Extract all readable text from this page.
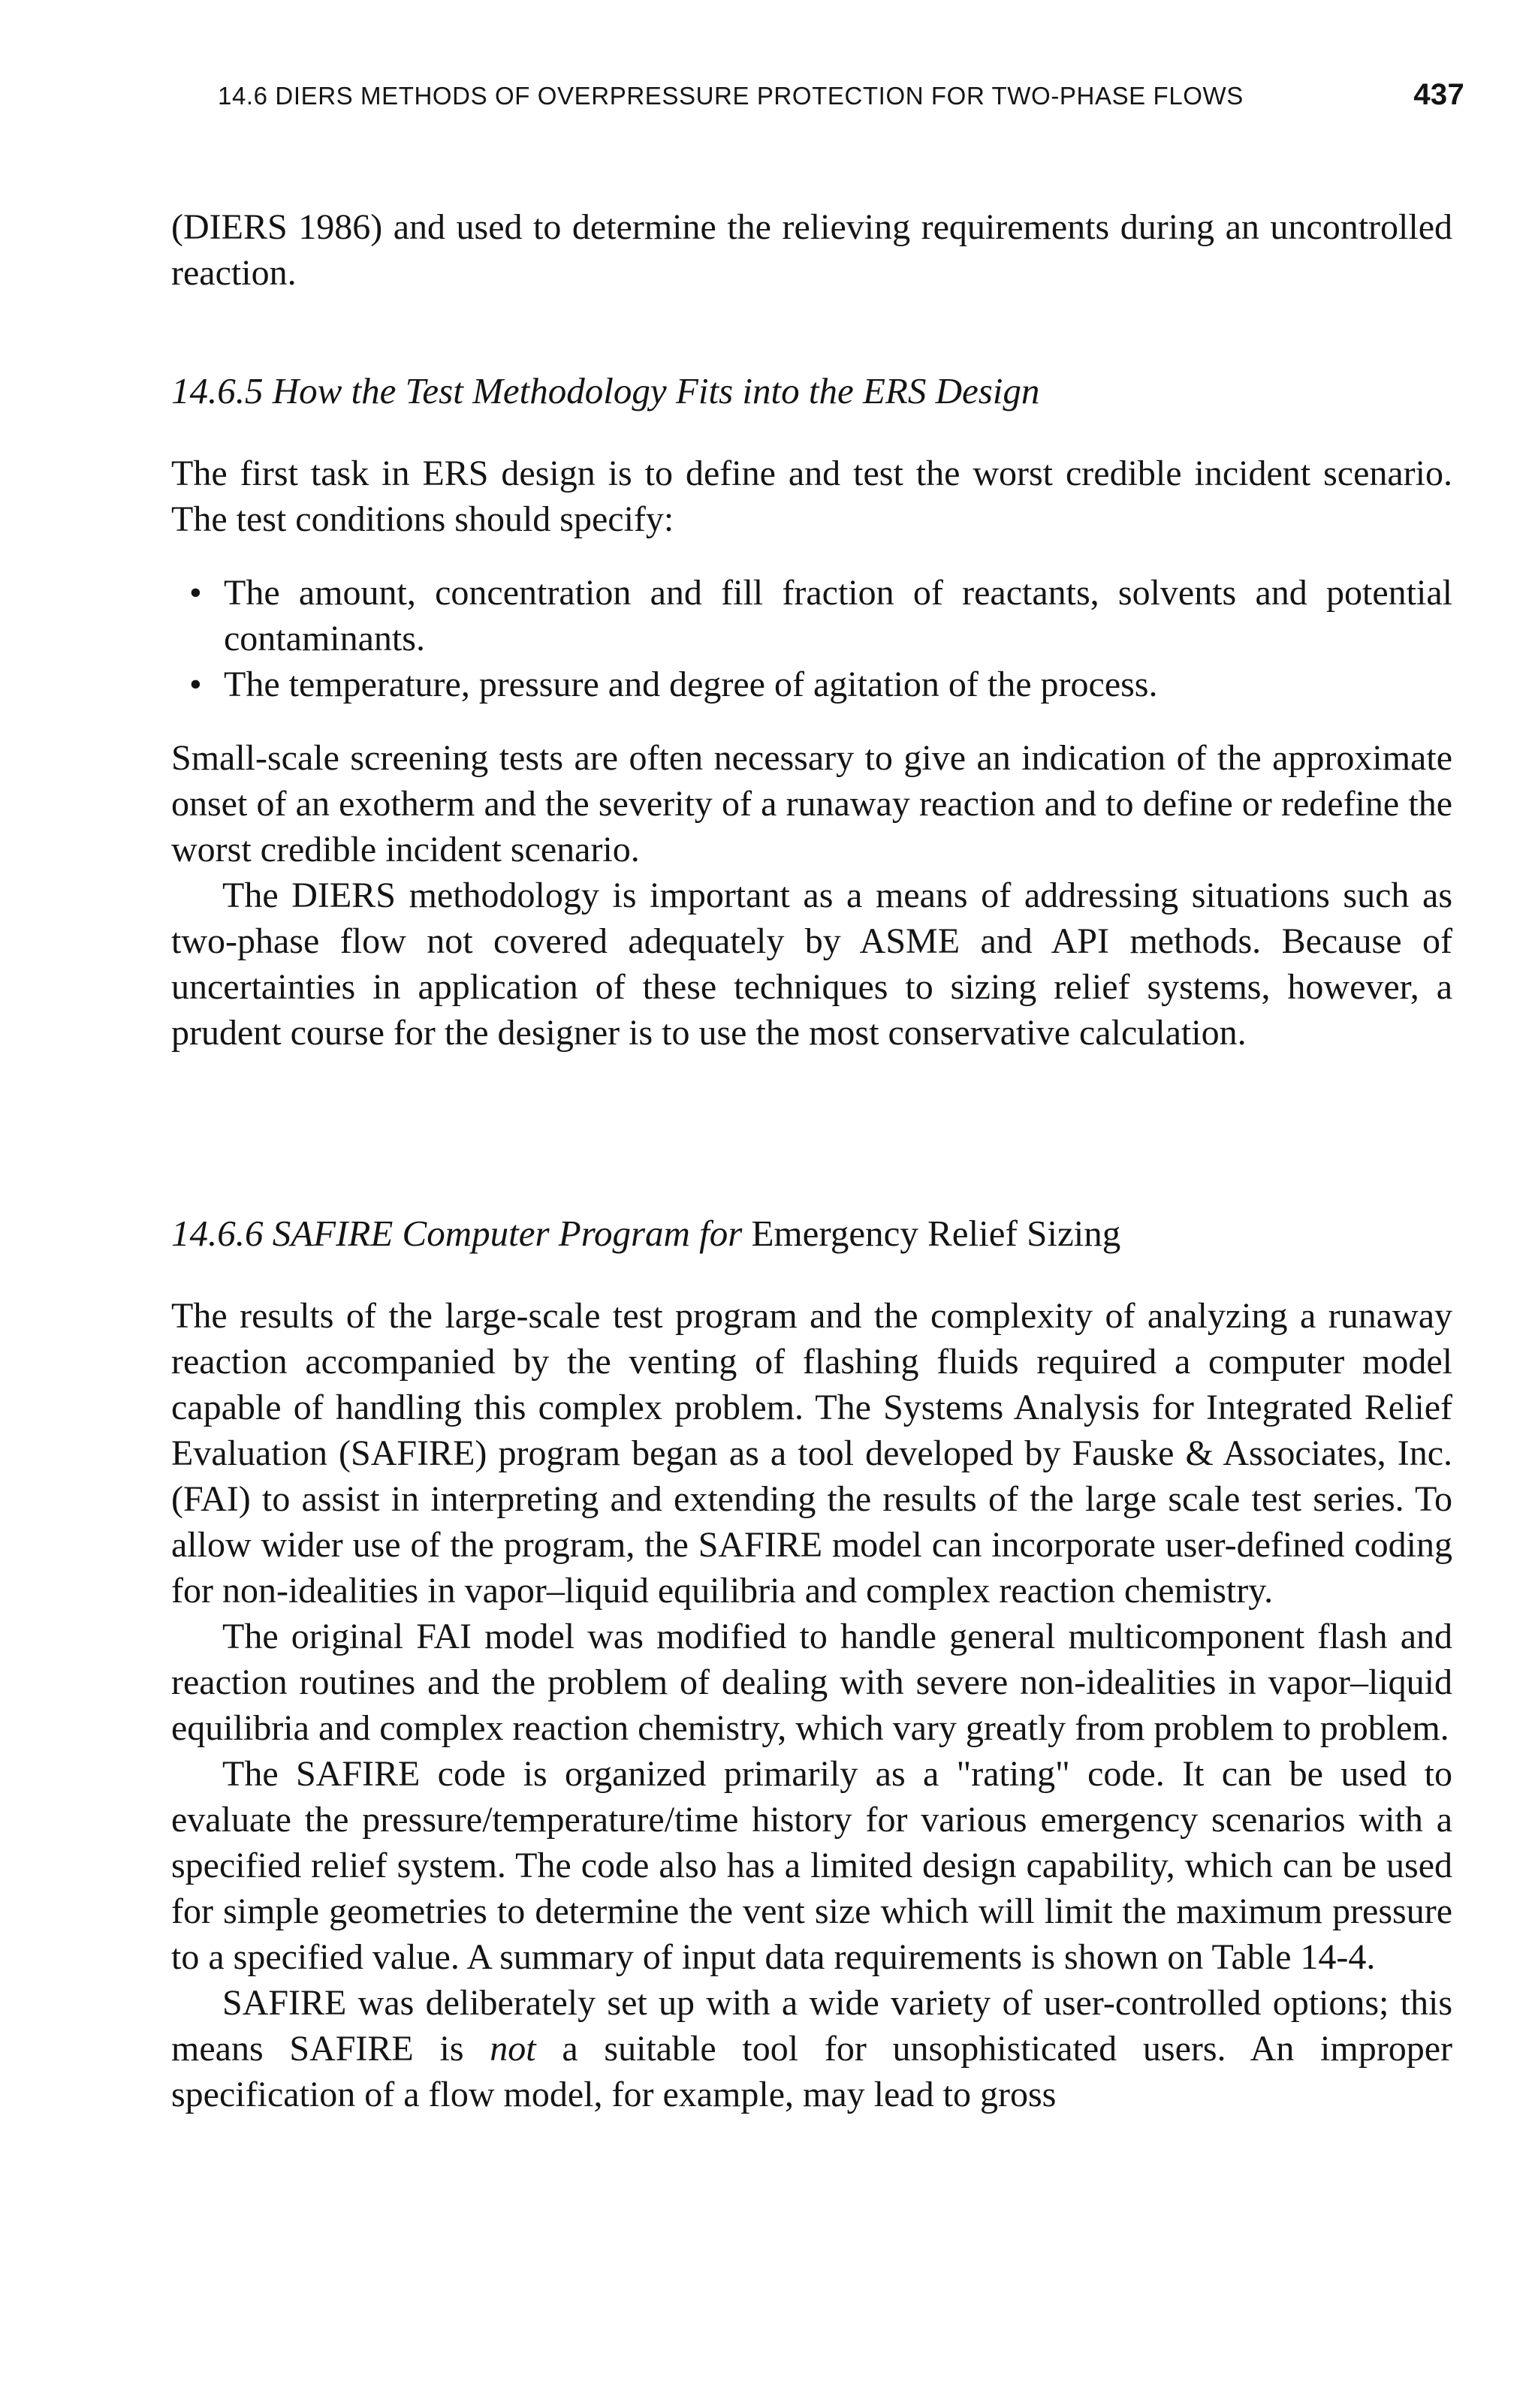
14.6 DIERS METHODS OF OVERPRESSURE PROTECTION FOR TWO-PHASE FLOWS	437

(DIERS 1986) and used to determine the relieving requirements during an uncontrolled reaction.

14.6.5 How the Test Methodology Fits into the ERS Design

The first task in ERS design is to define and test the worst credible incident scenario. The test conditions should specify:

• The amount, concentration and fill fraction of reactants, solvents and potential contaminants.
• The temperature, pressure and degree of agitation of the process.

Small-scale screening tests are often necessary to give an indication of the approximate onset of an exotherm and the severity of a runaway reaction and to define or redefine the worst credible incident scenario.

The DIERS methodology is important as a means of addressing situations such as two-phase flow not covered adequately by ASME and API methods. Because of uncertainties in application of these techniques to sizing relief systems, however, a prudent course for the designer is to use the most conservative calculation.

14.6.6 SAFIRE Computer Program for Emergency Relief Sizing

The results of the large-scale test program and the complexity of analyzing a runaway reaction accompanied by the venting of flashing fluids required a computer model capable of handling this complex problem. The Systems Analysis for Integrated Relief Evaluation (SAFIRE) program began as a tool developed by Fauske & Associates, Inc. (FAI) to assist in interpreting and extending the results of the large scale test series. To allow wider use of the program, the SAFIRE model can incorporate user-defined coding for non-idealities in vapor–liquid equilibria and complex reaction chemistry.

The original FAI model was modified to handle general multicomponent flash and reaction routines and the problem of dealing with severe non-idealities in vapor–liquid equilibria and complex reaction chemistry, which vary greatly from problem to problem.

The SAFIRE code is organized primarily as a "rating" code. It can be used to evaluate the pressure/temperature/time history for various emergency scenarios with a specified relief system. The code also has a limited design capability, which can be used for simple geometries to determine the vent size which will limit the maximum pressure to a specified value. A summary of input data requirements is shown on Table 14-4.

SAFIRE was deliberately set up with a wide variety of user-controlled options; this means SAFIRE is not a suitable tool for unsophisticated users. An improper specification of a flow model, for example, may lead to gross
